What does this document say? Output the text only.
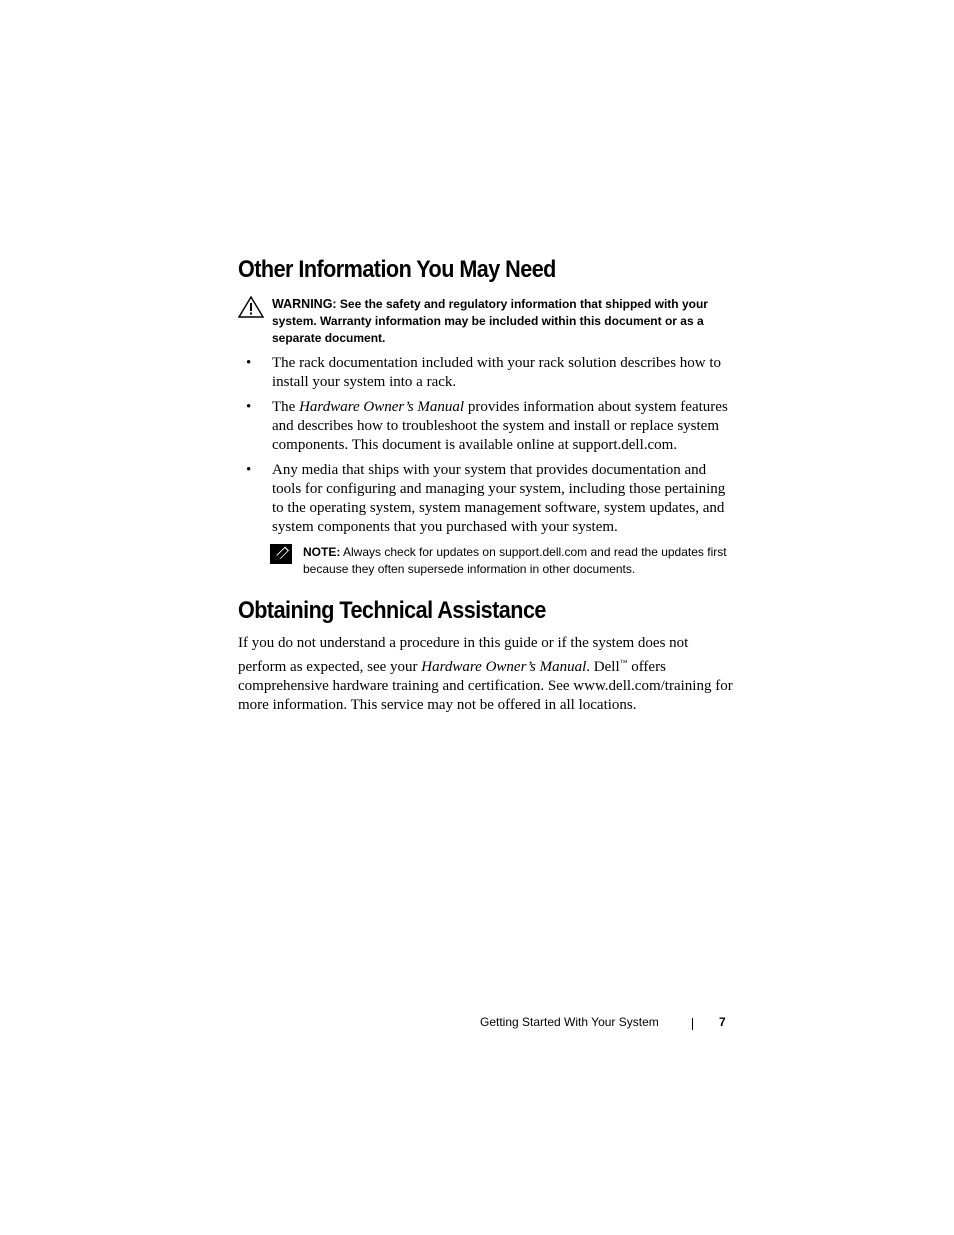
Other Information You May Need
WARNING: See the safety and regulatory information that shipped with your system. Warranty information may be included within this document or as a separate document.
• The rack documentation included with your rack solution describes how to install your system into a rack.
• The Hardware Owner’s Manual provides information about system features and describes how to troubleshoot the system and install or replace system components. This document is available online at support.dell.com.
• Any media that ships with your system that provides documentation and tools for configuring and managing your system, including those pertaining to the operating system, system management software, system updates, and system components that you purchased with your system.
NOTE: Always check for updates on support.dell.com and read the updates first because they often supersede information in other documents.
Obtaining Technical Assistance

If you do not understand a procedure in this guide or if the system does not perform as expected, see your Hardware Owner’s Manual. Dell™ offers comprehensive hardware training and certification. See www.dell.com/training for more information. This service may not be offered in all locations.

Getting Started With Your System	7
